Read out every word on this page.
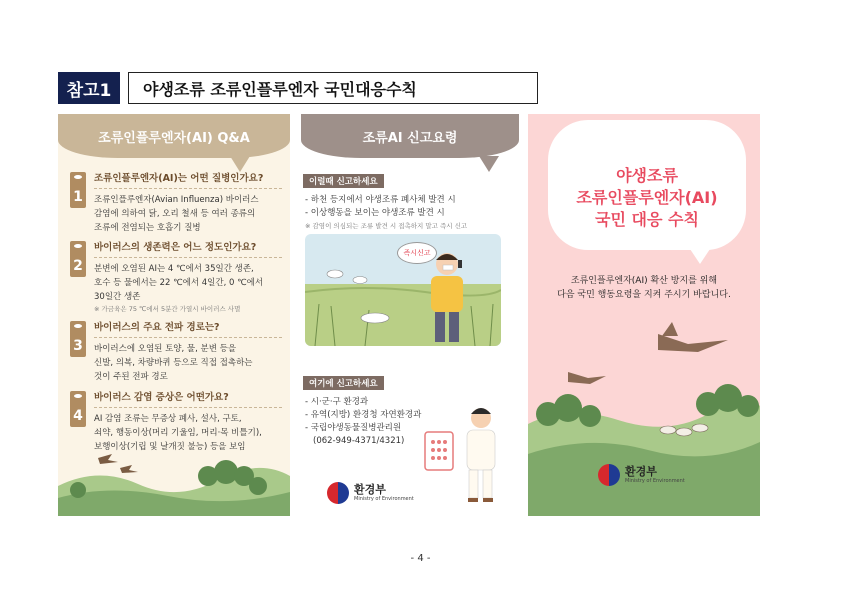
참고1	야생조류 조류인플루엔자 국민대응수칙
조류인플루엔자(AI) Q&A
1
조류인플루엔자(AI)는 어떤 질병인가요?
조류인플루엔자(Avian Influenza) 바이러스
감염에 의하여 닭, 오리 철새 등 여러 종류의
조류에 전염되는 호흡기 질병
2
바이러스의 생존력은 어느 정도인가요?
분변에 오염된 AI는 4 ℃에서 35일간 생존,
호수 등 물에서는 22 ℃에서 4일간, 0 ℃에서
30일간 생존
※ 가금육은 75 ℃에서 5분간 가열시 바이러스 사멸
3
바이러스의 주요 전파 경로는?
바이러스에 오염된 토양, 물, 분변 등을
신발, 의복, 차량바퀴 등으로 직접 접촉하는
것이 주된 전파 경로
4
바이러스 감염 증상은 어떤가요?
AI 감염 조류는 무증상 폐사, 설사, 구토,
쇠약, 행동이상(머리 기울임, 머리·목 비틀기),
보행이상(기립 및 날개짓 불능) 등을 보임
조류AI 신고요령
이럴때 신고하세요
- 하천 등지에서 야생조류 폐사체 발견 시
- 이상행동을 보이는 야생조류 발견 시
※ 감염이 의심되는 조류 발견 시 접촉하지 말고 즉시 신고
즉시신고
여기에 신고하세요
- 시·군·구 환경과
- 유역(지방) 환경청 자연환경과
- 국립야생동물질병관리원
(062-949-4371/4321)
환경부
Ministry of Environment
야생조류
조류인플루엔자(AI)
국민 대응 수칙
조류인플루엔자(AI) 확산 방지를 위해
다음 국민 행동요령을 지켜 주시기 바랍니다.
환경부
Ministry of Environment
- 4 -
